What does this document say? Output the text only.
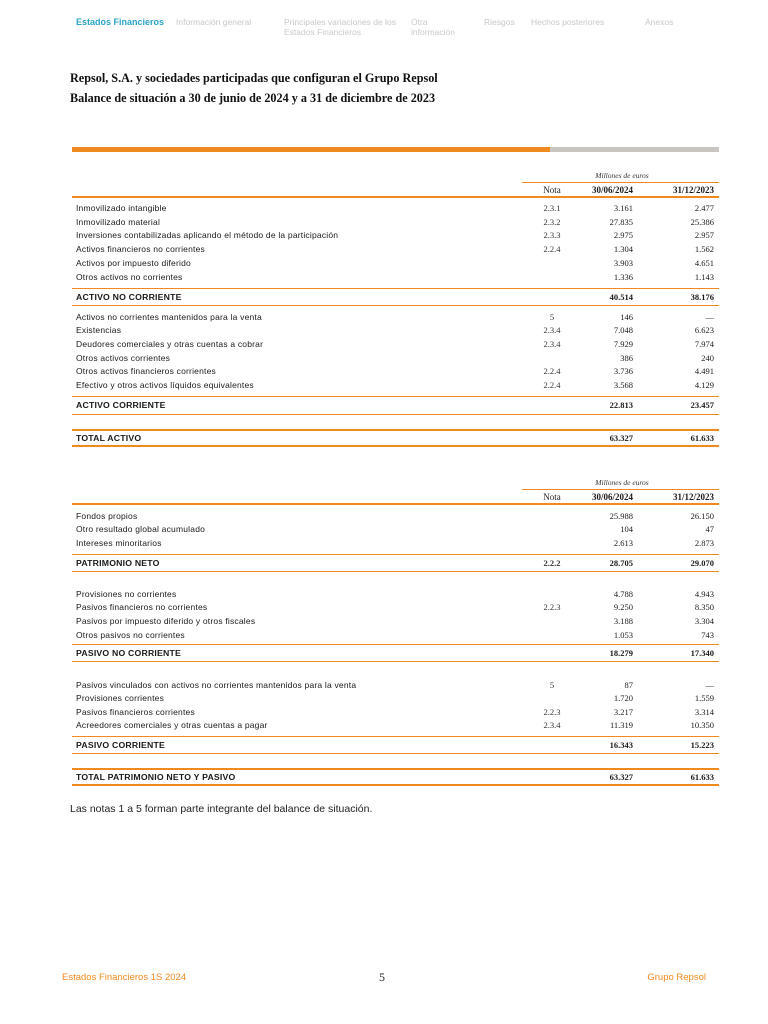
Estados Financieros Información general	Principales variaciones de los Estados Financieros
Otra información
Riesgos Hechos posteriores	Anexos
Repsol, S.A. y sociedades participadas que configuran el Grupo Repsol
Balance de situación a 30 de junio de 2024 y a 31 de diciembre de 2023
Millones de euros
Nota	30/06/2024	31/12/2023
Inmovilizado intangible	2.3.1	3.161	2.477
Inmovilizado material	2.3.2	27.835	25.386
Inversiones contabilizadas aplicando el método de la participación	2.3.3	2.975	2.957
Activos financieros no corrientes	2.2.4	1.304	1.562
Activos por impuesto diferido	3.903	4.651
Otros activos no corrientes	1.336	1.143
ACTIVO NO CORRIENTE	40.514	38.176
Activos no corrientes mantenidos para la venta	5	146	—
Existencias	2.3.4	7.048	6.623
Deudores comerciales y otras cuentas a cobrar	2.3.4	7.929	7.974
Otros activos corrientes	386	240
Otros activos financieros corrientes	2.2.4	3.736	4.491
Efectivo y otros activos líquidos equivalentes	2.2.4	3.568	4.129
ACTIVO CORRIENTE	22.813	23.457
TOTAL ACTIVO	63.327	61.633
Millones de euros
Nota	30/06/2024	31/12/2023
Fondos propios	25.988	26.150
Otro resultado global acumulado	104	47
Intereses minoritarios	2.613	2.873
PATRIMONIO NETO	2.2.2	28.705	29.070
Provisiones no corrientes	4.788	4.943
Pasivos financieros no corrientes	2.2.3	9.250	8.350
Pasivos por impuesto diferido y otros fiscales	3.188	3.304
Otros pasivos no corrientes	1.053	743
PASIVO NO CORRIENTE	18.279	17.340
Pasivos vinculados con activos no corrientes mantenidos para la venta	5	87	—
Provisiones corrientes	1.720	1.559
Pasivos financieros corrientes	2.2.3	3.217	3.314
Acreedores comerciales y otras cuentas a pagar	2.3.4	11.319	10.350
PASIVO CORRIENTE	16.343	15.223
TOTAL PATRIMONIO NETO Y PASIVO	63.327	61.633
Las notas 1 a 5 forman parte integrante del balance de situación.
Estados Financieros 1S 2024	5	Grupo Repsol
